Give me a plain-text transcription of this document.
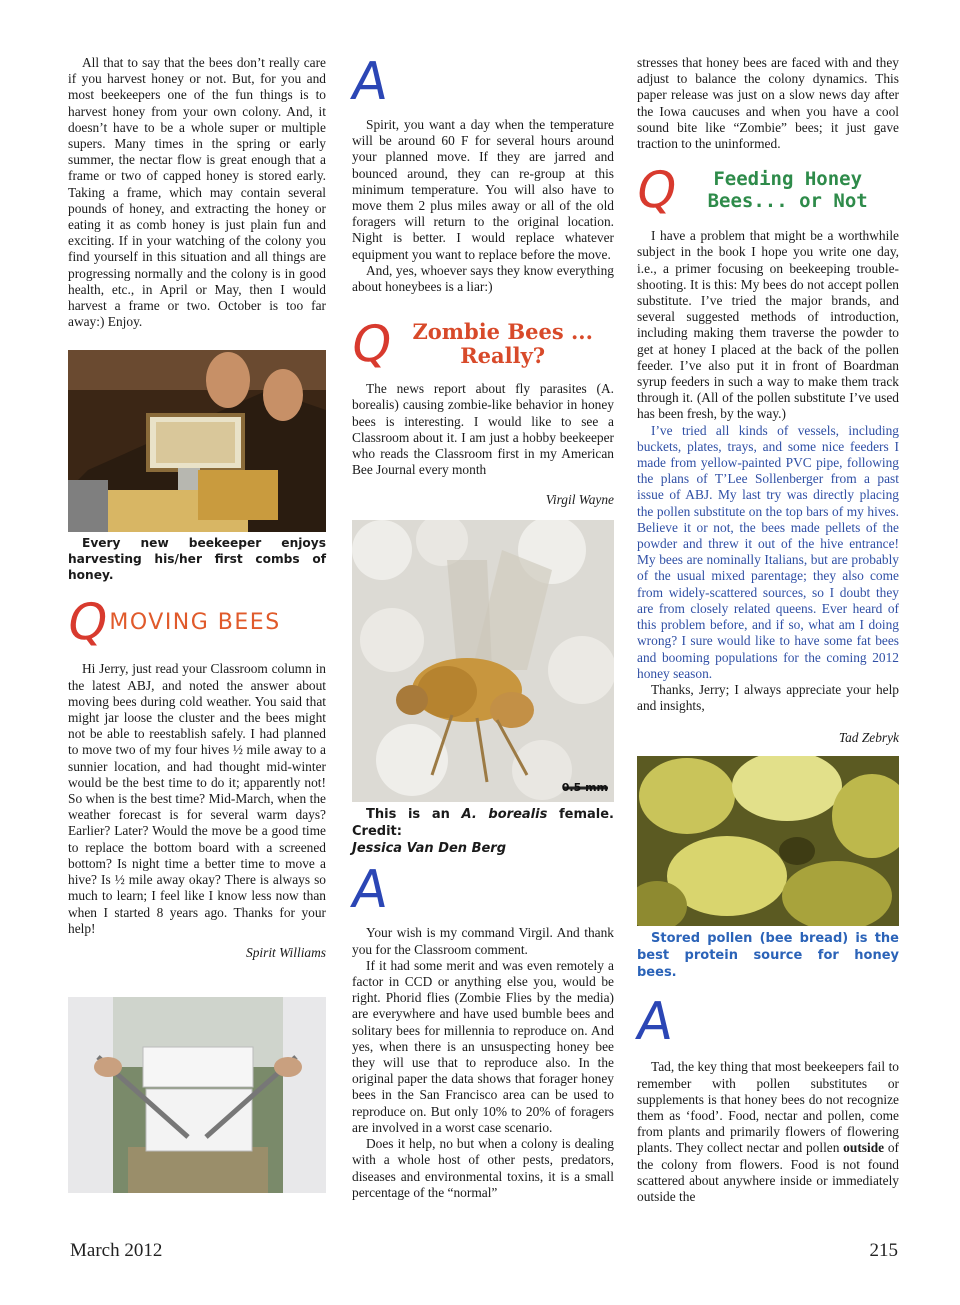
All that to say that the bees don’t really care if you harvest honey or not. But, for you and most beekeepers one of the fun things is to harvest honey from your own colony. And, it doesn’t have to be a whole super or multiple supers. Many times in the spring or early summer, the nectar flow is great enough that a frame or two of capped honey is stored early. Taking a frame, which may contain several pounds of honey, and extracting the honey or eating it as comb honey is just plain fun and exciting. If in your watching of the colony you find yourself in this situation and all things are progressing normally and the colony is in good health, etc., in April or May, then I would harvest a frame or two. October is too far away:) Enjoy.

Every new beekeeper enjoys harvesting his/her first combs of honey.

Q
MOVING BEES

Hi Jerry, just read your Classroom column in the latest ABJ, and noted the answer about moving bees during cold weather. You said that might jar loose the cluster and the bees might not be able to reestablish safely. I had planned to move two of my four hives ½ mile away to a sunnier location, and had thought mid-winter would be the best time to do it; apparently not! So when is the best time? Mid-March, when the weather forecast is for several warm days? Earlier? Later? Would the move be a good time to replace the bottom board with a screened bottom? Is night time a better time to move a hive? Is ½ mile away okay? There is always so much to learn; I feel like I know less now than when I started 8 years ago. Thanks for your help!

Spirit Williams

A

Spirit, you want a day when the temperature will be around 60 F for several hours around your planned move. If they are jarred and bounced around, they can re-group at this minimum temperature. You will also have to move them 2 plus miles away or all of the old foragers will return to the original location. Night is better. I would replace whatever equipment you want to replace before the move.

And, yes, whoever says they know everything about honeybees is a liar:)

Q Zombie Bees ...
Really?

The news report about fly parasites (A. borealis) causing zombie-like behavior in honey bees is interesting. I would like to see a Classroom about it. I am just a hobby beekeeper who reads the Classroom first in my American Bee Journal every month

Virgil Wayne

0.5 mm

This is an A. borealis female. Credit:
Jessica Van Den Berg

A

Your wish is my command Virgil. And thank you for the Classroom comment.

If it had some merit and was even remotely a factor in CCD or anything else you, would be right. Phorid flies (Zombie Flies by the media) are everywhere and have used bumble bees and solitary bees for millennia to reproduce on. And yes, when there is an unsuspecting honey bee they will use that to reproduce also. In the original paper the data shows that forager honey bees in the San Francisco area can be used to reproduce on. But only 10% to 20% of foragers are involved in a worst case scenario.

Does it help, no but when a colony is dealing with a whole host of other pests, predators, diseases and environmental toxins, it is a small percentage of the “normal”

stresses that honey bees are faced with and they adjust to balance the colony dynamics. This paper release was just on a slow news day after the Iowa caucuses and when you have a cool sound bite like “Zombie” bees; it just gave traction to the uninformed.

Q	Feeding Honey
Bees... or Not

I have a problem that might be a worthwhile subject in the book I hope you write one day, i.e., a primer focusing on beekeeping trouble-shooting. It is this: My bees do not accept pollen substitute. I’ve tried the major brands, and several suggested methods of introduction, including making them traverse the powder to get at honey I placed at the back of the pollen feeder. I’ve also put it in front of Boardman syrup feeders in such a way to make them track through it. (All of the pollen substitute I’ve used has been fresh, by the way.)

I’ve tried all kinds of vessels, including buckets, plates, trays, and some nice feeders I made from yellow-painted PVC pipe, following the plans of T’Lee Sollenberger from a past issue of ABJ. My last try was directly placing the pollen substitute on the top bars of my hives. Believe it or not, the bees made pellets of the powder and threw it out of the hive entrance! My bees are nominally Italians, but are probably of the usual mixed parentage; they also come from widely-scattered sources, so I doubt they are from closely related queens. Ever heard of this problem before, and if so, what am I doing wrong? I sure would like to have some fat bees and booming populations for the coming 2012 honey season.

Thanks, Jerry; I always appreciate your help and insights,

Tad Zebryk

Stored pollen (bee bread) is the best protein source for honey bees.

A

Tad, the key thing that most beekeepers fail to remember with pollen substitutes or supplements is that honey bees do not recognize them as ‘food’. Food, nectar and pollen, come from plants and primarily flowers of flowering plants. They collect nectar and pollen outside of the colony from flowers. Food is not found scattered about anywhere inside or immediately outside the

March 2012	215
